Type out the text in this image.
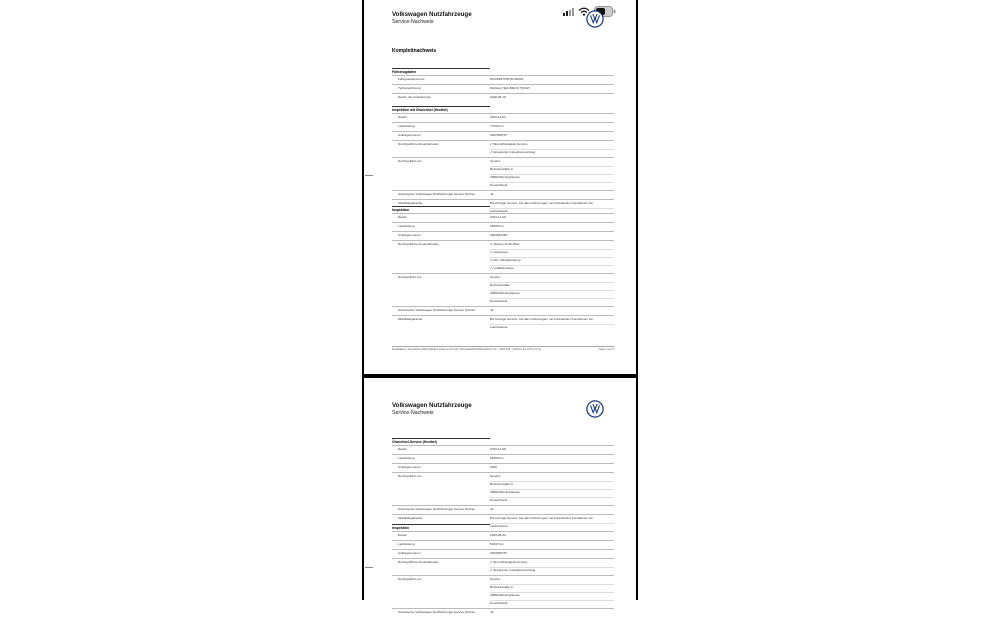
Volkswagen Nutzfahrzeuge
Service-Nachweis
Komplettnachweis
Fahrzeugdaten
Fahrgestellnummer	WV2ZZZ7HZHXC00363
Typbezeichnung	Multivan High-BR2.0l TDI4LT
Datum der Auslieferung	2018-05-18
Inspektion mit Ölwechsel (flexibel)
Datum	2023-12-02
Laufleistung	73700 km
Auftragsnummer	3007609767
Durchgeführte Zusatzarbeiten	✔ Bremsflüssigkeit-Service
✔ Erweiterter Inspektionsumfang
Durchgeführt von	Service
Betriebsstraße 9
30890 Barsinghausen
Deutschland
Autorisierter Volkswagen Nutzfahrzeuge Service Partner	Ja
Mobilitätsgarantie	Bis Anzeige Service, bei allen Fahrzeugen mit individuellen Konditionen bis
Laufzeitende
Inspektion
Datum	2024-11-20
Laufleistung	63906 km
Auftragsnummer	3004687090
Durchgeführte Zusatzarbeiten	✔ Staub-u.Pollenfilter
✔ Getriebeöl
✔ DF / Allradkupplung
✔ Luftfilterwasser
Durchgeführt von	Service
Betriebsstraße
30890 Barsinghausen
Deutschland
Autorisierter Volkswagen Nutzfahrzeuge Service Partner	Ja
Mobilitätsgarantie	Bis Anzeige Service, bei allen Fahrzeugen mit individuellen Konditionen bis
Laufzeitende
Erstelldatum: Inspektions-Stiftung/Daten Hosps im Pruefe / PTrueMatStuOnMainSchlen Tm · 3003-209 · 2023-12-22 10:37 U.U.D.	Seite 1 von 4
Volkswagen Nutzfahrzeuge
Service-Nachweis
Ölwechsel-Service (flexibel)
Datum	2023-12-08
Laufleistung	52398 km
Auftragsnummer	9030
Durchgeführt von	Service
Betriebsstraße 9
30890 Barsinghausen
Deutschland
Autorisierter Volkswagen Nutzfahrzeuge Service Partner	Ja
Mobilitätsgarantie	Bis Anzeige Service, bei allen Fahrzeugen mit individuellen Konditionen bis
Laufzeitende
Inspektion
Datum	2023-06-22
Laufleistung	50347 km
Auftragsnummer	3003009767
Durchgeführte Zusatzarbeiten	✔ Bremsflüssigkeit-Service
✔ Erweiterter Inspektionsumfang
Durchgeführt von	Service
Betriebsstraße 9
30890 Barsinghausen
Deutschland
Autorisierter Volkswagen Nutzfahrzeuge Service Partner	Ja
